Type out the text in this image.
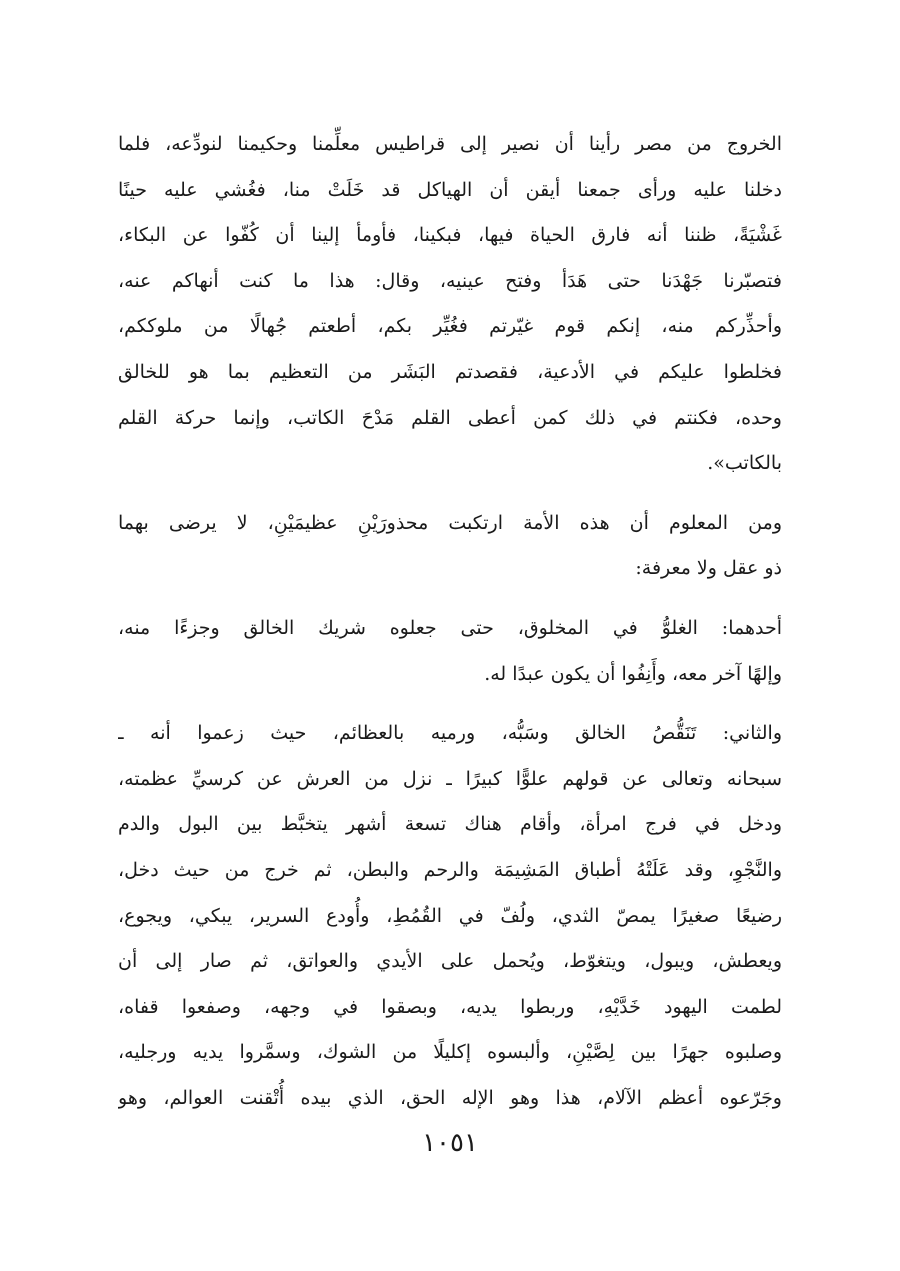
الخروج من مصر رأينا أن نصير إلى قراطيس معلِّمنا وحكيمنا لنودِّعه، فلما
دخلنا عليه ورأى جمعنا أيقن أن الهياكل قد خَلَتْ منا، فغُشي عليه حينًا
غَشْيَةً، ظننا أنه فارق الحياة فيها، فبكينا، فأومأ إلينا أن كُفّوا عن البكاء،
فتصبّرنا جَهْدَنا حتى هَدَأ وفتح عينيه، وقال: هذا ما كنت أنهاكم عنه،
وأحذِّركم منه، إنكم قوم غيّرتم فغُيِّر بكم، أطعتم جُهالًا من ملوككم،
فخلطوا عليكم في الأدعية، فقصدتم البَشَر من التعظيم بما هو للخالق
وحده، فكنتم في ذلك كمن أعطى القلم مَدْحَ الكاتب، وإنما حركة القلم
بالكاتب».
ومن المعلوم أن هذه الأمة ارتكبت محذورَيْنِ عظيمَيْنِ، لا يرضى بهما
ذو عقل ولا معرفة:
أحدهما: الغلوُّ في المخلوق، حتى جعلوه شريك الخالق وجزءًا منه،
وإلهًا آخر معه، وأَنِفُوا أن يكون عبدًا له.
والثاني: تَنَقُّصُ الخالق وسَبُّه، ورميه بالعظائم، حيث زعموا أنه ـ
سبحانه وتعالى عن قولهم علوًّا كبيرًا ـ نزل من العرش عن كرسيِّ عظمته،
ودخل في فرج امرأة، وأقام هناك تسعة أشهر يتخبَّط بين البول والدم
والنَّجْوِ، وقد عَلَتْهُ أطباق المَشِيمَة والرحم والبطن، ثم خرج من حيث دخل،
رضيعًا صغيرًا يمصّ الثدي، ولُفّ في القُمُطِ، وأُودع السرير، يبكي، ويجوع،
ويعطش، ويبول، ويتغوّط، ويُحمل على الأيدي والعواتق، ثم صار إلى أن
لطمت اليهود خَدَّيْهِ، وربطوا يديه، وبصقوا في وجهه، وصفعوا قفاه،
وصلبوه جهرًا بين لِصَّيْنِ، وألبسوه إكليلًا من الشوك، وسمَّروا يديه ورجليه،
وجَرّعوه أعظم الآلام، هذا وهو الإله الحق، الذي بيده أُتْقنت العوالم، وهو
١٠٥١
